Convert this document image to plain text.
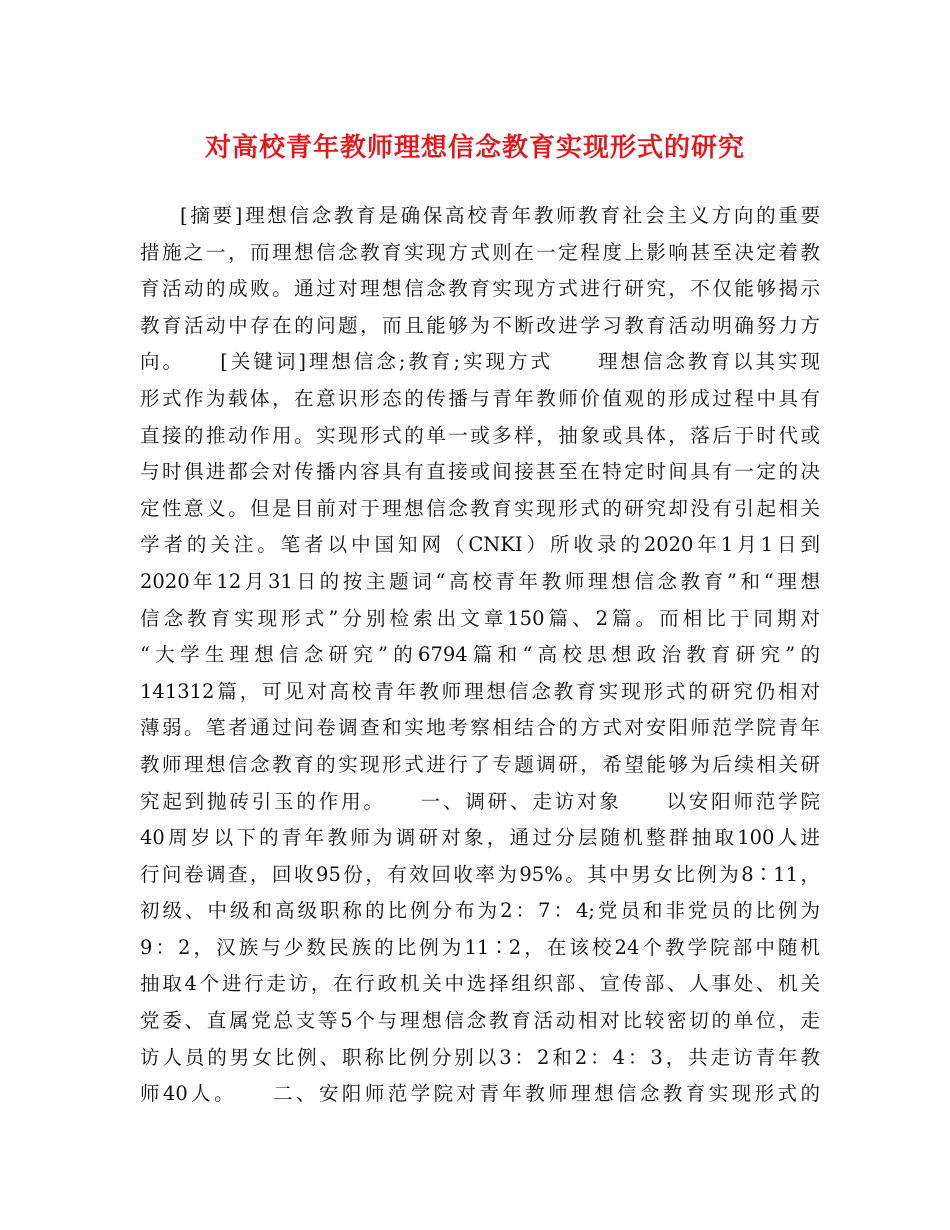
对高校青年教师理想信念教育实现形式的研究
[摘要]理想信念教育是确保高校青年教师教育社会主义方向的重要
措施之一，而理想信念教育实现方式则在一定程度上影响甚至决定着教
育活动的成败。通过对理想信念教育实现方式进行研究，不仅能够揭示
教育活动中存在的问题，而且能够为不断改进学习教育活动明确努力方
向。　　[关键词]理想信念;教育;实现方式　　理想信念教育以其实现
形式作为载体，在意识形态的传播与青年教师价值观的形成过程中具有
直接的推动作用。实现形式的单一或多样，抽象或具体，落后于时代或
与时俱进都会对传播内容具有直接或间接甚至在特定时间具有一定的决
定性意义。但是目前对于理想信念教育实现形式的研究却没有引起相关
学者的关注。笔者以中国知网（CNKI）所收录的2020年1月1日到
2020年12月31日的按主题词“高校青年教师理想信念教育”和“理想
信念教育实现形式”分别检索出文章150篇、2篇。而相比于同期对
“大学生理想信念研究”的6794篇和“高校思想政治教育研究”的
141312篇，可见对高校青年教师理想信念教育实现形式的研究仍相对
薄弱。笔者通过问卷调查和实地考察相结合的方式对安阳师范学院青年
教师理想信念教育的实现形式进行了专题调研，希望能够为后续相关研
究起到抛砖引玉的作用。　　一、调研、走访对象　　以安阳师范学院
40周岁以下的青年教师为调研对象，通过分层随机整群抽取100人进
行问卷调查，回收95份，有效回收率为95%。其中男女比例为8∶11，
初级、中级和高级职称的比例分布为2：7：4;党员和非党员的比例为
9：2，汉族与少数民族的比例为11∶2，在该校24个教学院部中随机
抽取4个进行走访，在行政机关中选择组织部、宣传部、人事处、机关
党委、直属党总支等5个与理想信念教育活动相对比较密切的单位，走
访人员的男女比例、职称比例分别以3：2和2：4：3，共走访青年教
师40人。　　二、安阳师范学院对青年教师理想信念教育实现形式的
